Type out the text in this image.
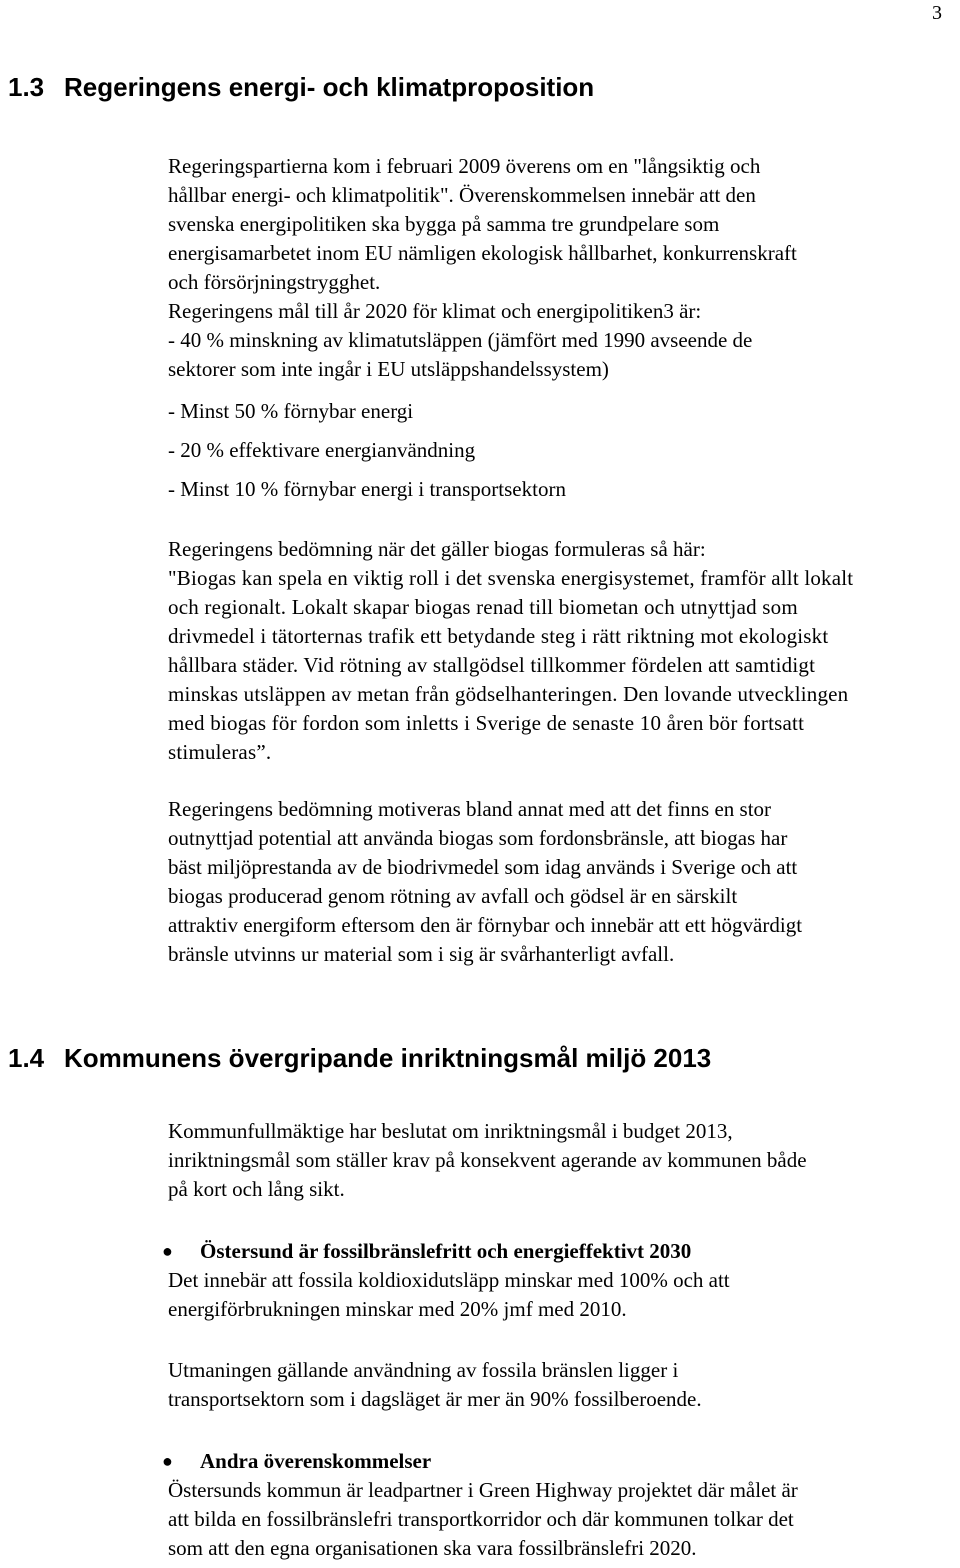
3
1.3 Regeringens energi- och klimatproposition
Regeringspartierna kom i februari 2009 överens om en "långsiktig och
hållbar energi- och klimatpolitik". Överenskommelsen innebär att den
svenska energipolitiken ska bygga på samma tre grundpelare som
energisamarbetet inom EU nämligen ekologisk hållbarhet, konkurrenskraft
och försörjningstrygghet.
Regeringens mål till år 2020 för klimat och energipolitiken3 är:
- 40 % minskning av klimatutsläppen (jämfört med 1990 avseende de
sektorer som inte ingår i EU utsläppshandelssystem)
- Minst 50 % förnybar energi
- 20 % effektivare energianvändning
- Minst 10 % förnybar energi i transportsektorn
Regeringens bedömning när det gäller biogas formuleras så här:
"Biogas kan spela en viktig roll i det svenska energisystemet, framför allt lokalt
och regionalt. Lokalt skapar biogas renad till biometan och utnyttjad som
drivmedel i tätorternas trafik ett betydande steg i rätt riktning mot ekologiskt
hållbara städer. Vid rötning av stallgödsel tillkommer fördelen att samtidigt
minskas utsläppen av metan från gödselhanteringen. Den lovande utvecklingen
med biogas för fordon som inletts i Sverige de senaste 10 åren bör fortsatt
stimuleras”.
Regeringens bedömning motiveras bland annat med att det finns en stor
outnyttjad potential att använda biogas som fordonsbränsle, att biogas har
bäst miljöprestanda av de biodrivmedel som idag används i Sverige och att
biogas producerad genom rötning av avfall och gödsel är en särskilt
attraktiv energiform eftersom den är förnybar och innebär att ett högvärdigt
bränsle utvinns ur material som i sig är svårhanterligt avfall.
1.4 Kommunens övergripande inriktningsmål miljö 2013
Kommunfullmäktige har beslutat om inriktningsmål i budget 2013,
inriktningsmål som ställer krav på konsekvent agerande av kommunen både
på kort och lång sikt.
●	Östersund är fossilbränslefritt och energieffektivt 2030
Det innebär att fossila koldioxidutsläpp minskar med 100% och att
energiförbrukningen minskar med 20% jmf med 2010.
Utmaningen gällande användning av fossila bränslen ligger i
transportsektorn som i dagsläget är mer än 90% fossilberoende.
●	Andra överenskommelser
Östersunds kommun är leadpartner i Green Highway projektet där målet är
att bilda en fossilbränslefri transportkorridor och där kommunen tolkar det
som att den egna organisationen ska vara fossilbränslefri 2020.
